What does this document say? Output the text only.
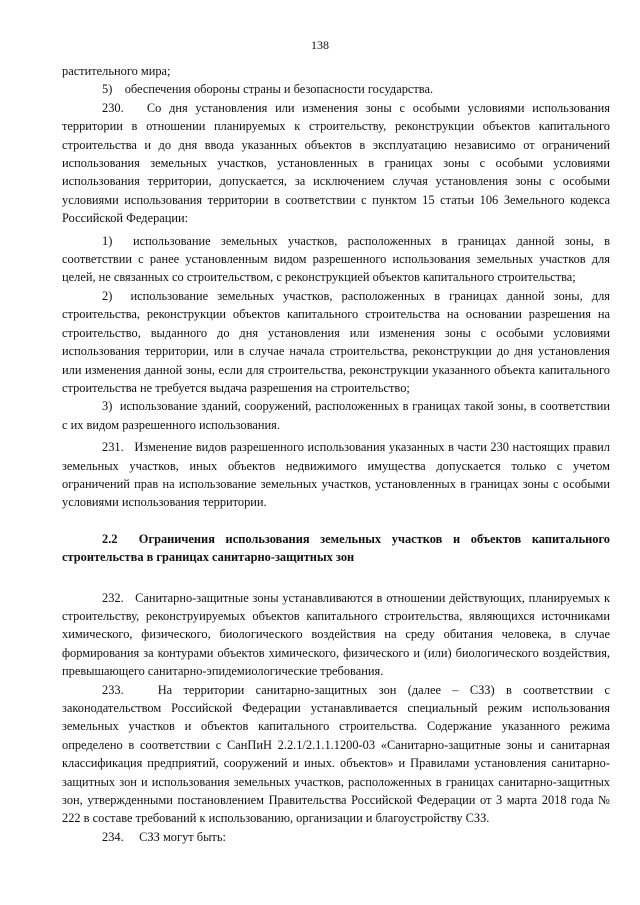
138

растительного мира;

5)    обеспечения обороны страны и безопасности государства.

230.   Со дня установления или изменения зоны с особыми условиями использования территории в отношении планируемых к строительству, реконструкции объектов капитального строительства и до дня ввода указанных объектов в эксплуатацию независимо от ограничений использования земельных участков, установленных в границах зоны с особыми условиями использования территории, допускается, за исключением случая установления зоны с особыми условиями использования территории в соответствии с пунктом 15 статьи 106 Земельного кодекса Российской Федерации:

1)  использование земельных участков, расположенных в границах данной зоны, в соответствии с ранее установленным видом разрешенного использования земельных участков для целей, не связанных со строительством, с реконструкцией объектов капитального строительства;

2)  использование земельных участков, расположенных в границах данной зоны, для строительства, реконструкции объектов капитального строительства на основании разрешения на строительство, выданного до дня установления или изменения зоны с особыми условиями использования территории, или в случае начала строительства, реконструкции до дня установления или изменения данной зоны, если для строительства, реконструкции указанного объекта капитального строительства не требуется выдача разрешения на строительство;

3)  использование зданий, сооружений, расположенных в границах такой зоны, в соответствии с их видом разрешенного использования.

231.   Изменение видов разрешенного использования указанных в части 230 настоящих правил земельных участков, иных объектов недвижимого имущества допускается только с учетом ограничений прав на использование земельных участков, установленных в границах зоны с особыми условиями использования территории.

2.2  Ограничения использования земельных участков и объектов капитального строительства в границах санитарно-защитных зон

232.   Санитарно-защитные зоны устанавливаются в отношении действующих, планируемых к строительству, реконструируемых объектов капитального строительства, являющихся источниками химического, физического, биологического воздействия на среду обитания человека, в случае формирования за контурами объектов химического, физического и (или) биологического воздействия, превышающего санитарно-эпидемиологические требования.

233.   На территории санитарно-защитных зон (далее – СЗЗ) в соответствии с законодательством Российской Федерации устанавливается специальный режим использования земельных участков и объектов капитального строительства. Содержание указанного режима определено в соответствии с СанПиН 2.2.1/2.1.1.1200-03 «Санитарно-защитные зоны и санитарная классификация предприятий, сооружений и иных. объектов» и Правилами установления санитарно-защитных зон и использования земельных участков, расположенных в границах санитарно-защитных зон, утвержденными постановлением Правительства Российской Федерации от 3 марта 2018 года № 222 в составе требований к использованию, организации и благоустройству СЗЗ.

234.     СЗЗ могут быть:
